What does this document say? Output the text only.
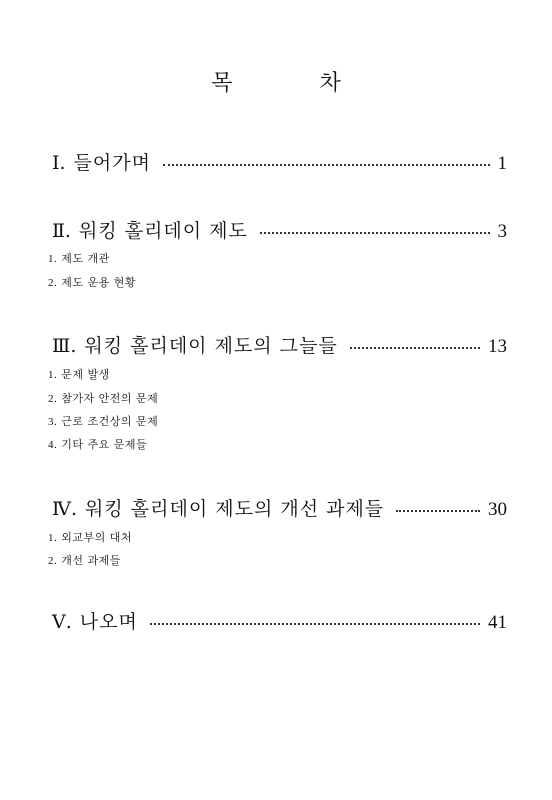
목 차
Ⅰ. 들어가며	1
Ⅱ. 워킹 홀리데이 제도	3
1. 제도 개관
2. 제도 운용 현황
Ⅲ. 워킹 홀리데이 제도의 그늘들	13
1. 문제 발생
2. 참가자 안전의 문제
3. 근로 조건상의 문제
4. 기타 주요 문제들
Ⅳ. 워킹 홀리데이 제도의 개선 과제들	30
1. 외교부의 대처
2. 개선 과제들
Ⅴ. 나오며	41
